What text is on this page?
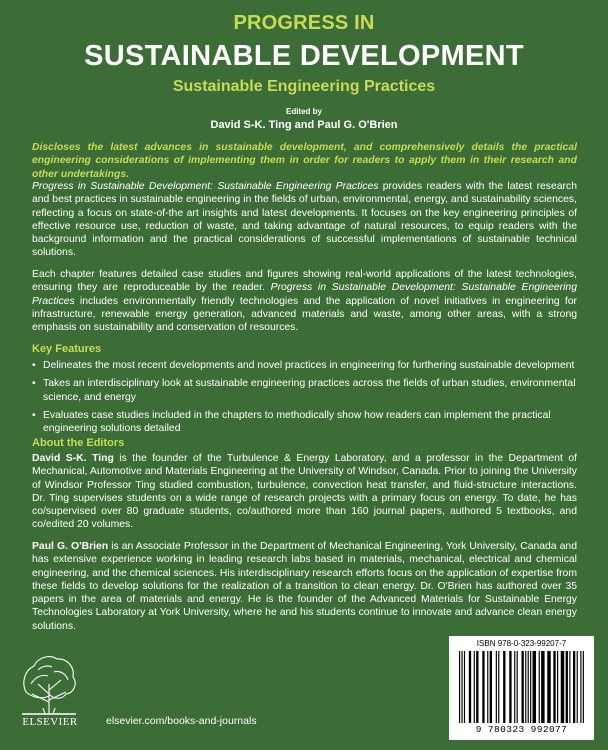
PROGRESS IN
SUSTAINABLE DEVELOPMENT
Sustainable Engineering Practices
Edited by
David S-K. Ting and Paul G. O'Brien
Discloses the latest advances in sustainable development, and comprehensively details the practical engineering considerations of implementing them in order for readers to apply them in their research and other undertakings.
Progress in Sustainable Development: Sustainable Engineering Practices provides readers with the latest research and best practices in sustainable engineering in the fields of urban, environmental, energy, and sustainability sciences, reflecting a focus on state-of-the art insights and latest developments. It focuses on the key engineering principles of effective resource use, reduction of waste, and taking advantage of natural resources, to equip readers with the background information and the practical considerations of successful implementations of sustainable technical solutions.
Each chapter features detailed case studies and figures showing real-world applications of the latest technologies, ensuring they are reproduceable by the reader. Progress in Sustainable Development: Sustainable Engineering Practices includes environmentally friendly technologies and the application of novel initiatives in engineering for infrastructure, renewable energy generation, advanced materials and waste, among other areas, with a strong emphasis on sustainability and conservation of resources.
Key Features
• Delineates the most recent developments and novel practices in engineering for furthering sustainable development
• Takes an interdisciplinary look at sustainable engineering practices across the fields of urban studies, environmental science, and energy
• Evaluates case studies included in the chapters to methodically show how readers can implement the practical engineering solutions detailed
About the Editors
David S-K. Ting is the founder of the Turbulence & Energy Laboratory, and a professor in the Department of Mechanical, Automotive and Materials Engineering at the University of Windsor, Canada. Prior to joining the University of Windsor Professor Ting studied combustion, turbulence, convection heat transfer, and fluid-structure interactions. Dr. Ting supervises students on a wide range of research projects with a primary focus on energy. To date, he has co/supervised over 80 graduate students, co/authored more than 160 journal papers, authored 5 textbooks, and co/edited 20 volumes.
Paul G. O'Brien is an Associate Professor in the Department of Mechanical Engineering, York University, Canada and has extensive experience working in leading research labs based in materials, mechanical, electrical and chemical engineering, and the chemical sciences. His interdisciplinary research efforts focus on the application of expertise from these fields to develop solutions for the realization of a transition to clean energy. Dr. O'Brien has authored over 35 papers in the area of materials and energy. He is the founder of the Advanced Materials for Sustainable Energy Technologies Laboratory at York University, where he and his students continue to innovate and advance clean energy solutions.
ELSEVIER	elsevier.com/books-and-journals
ISBN 978-0-323-99207-7
9 780323 992077
